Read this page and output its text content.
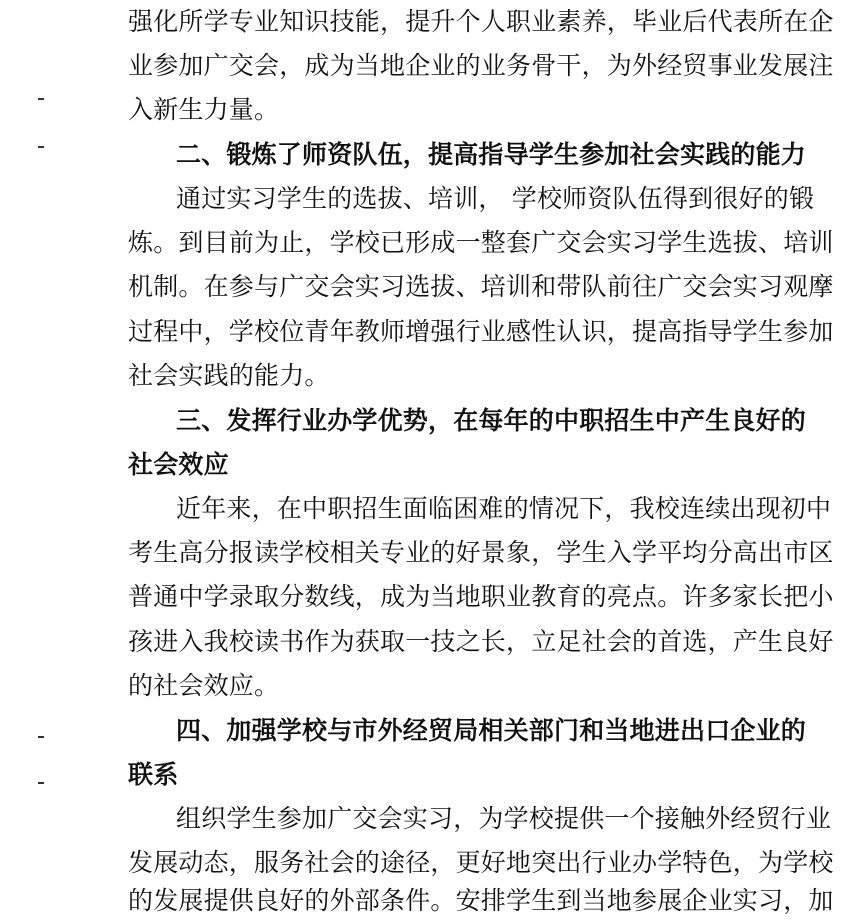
强化所学专业知识技能，提升个人职业素养，毕业后代表所在企
业参加广交会，成为当地企业的业务骨干，为外经贸事业发展注
入新生力量。
二、锻炼了师资队伍，提高指导学生参加社会实践的能力
通过实习学生的选拔、培训， 学校师资队伍得到很好的锻
炼。到目前为止，学校已形成一整套广交会实习学生选拔、培训
机制。在参与广交会实习选拔、培训和带队前往广交会实习观摩
过程中，学校位青年教师增强行业感性认识，提高指导学生参加
社会实践的能力。
三、发挥行业办学优势，在每年的中职招生中产生良好的
社会效应
近年来，在中职招生面临困难的情况下，我校连续出现初中
考生高分报读学校相关专业的好景象，学生入学平均分高出市区
普通中学录取分数线，成为当地职业教育的亮点。许多家长把小
孩进入我校读书作为获取一技之长，立足社会的首选，产生良好
的社会效应。
四、加强学校与市外经贸局相关部门和当地进出口企业的
联系
组织学生参加广交会实习，为学校提供一个接触外经贸行业
发展动态，服务社会的途径，更好地突出行业办学特色，为学校
的发展提供良好的外部条件。安排学生到当地参展企业实习，加
